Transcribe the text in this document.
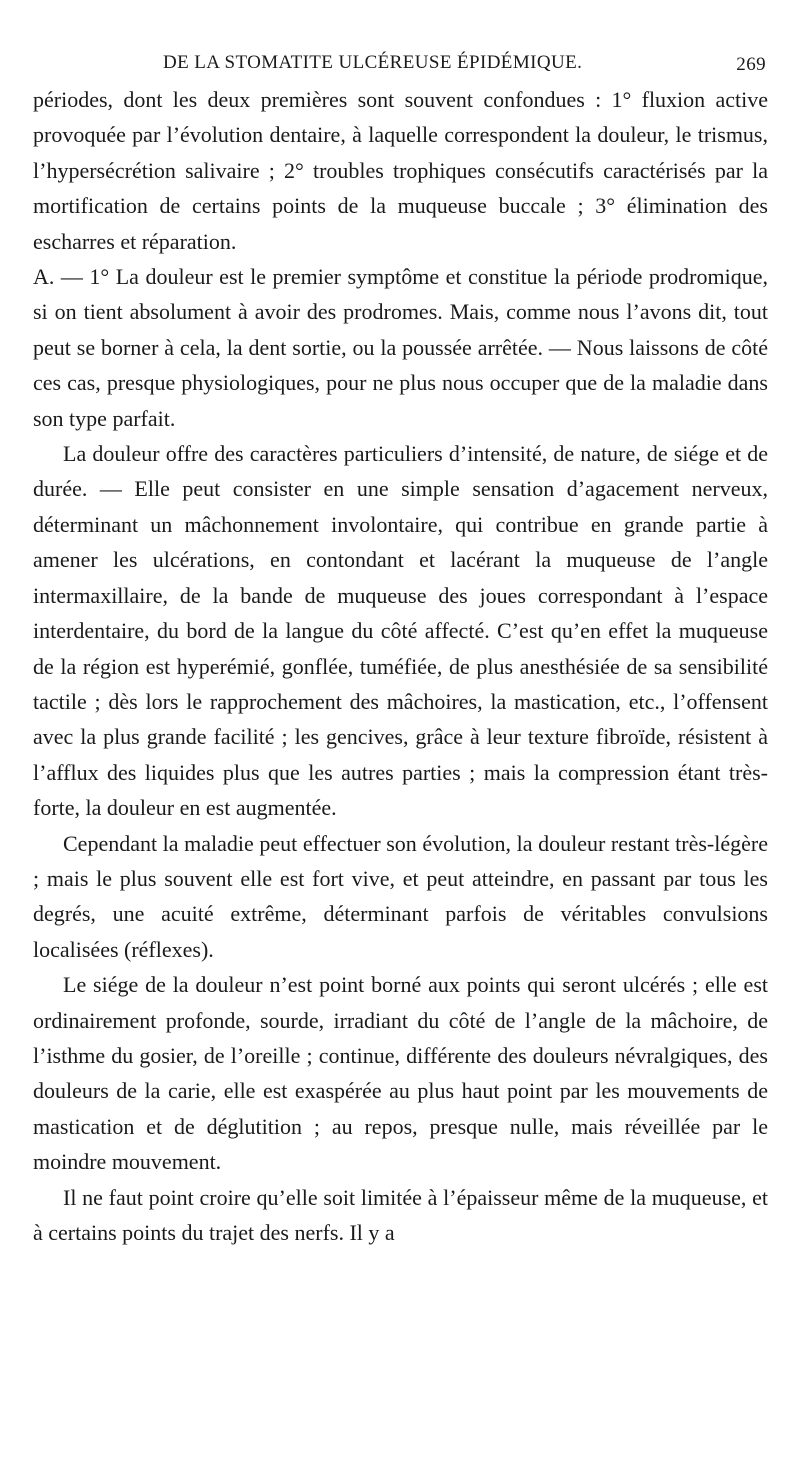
DE LA STOMATITE ULCÉREUSE ÉPIDÉMIQUE.	269

périodes, dont les deux premières sont souvent confondues : 1° fluxion active provoquée par l’évolution dentaire, à laquelle correspondent la douleur, le trismus, l’hypersécrétion salivaire ; 2° troubles trophiques consécutifs caractérisés par la mortification de certains points de la muqueuse buccale ; 3° élimination des escharres et réparation.

A. — 1° La douleur est le premier symptôme et constitue la période prodromique, si on tient absolument à avoir des prodromes. Mais, comme nous l’avons dit, tout peut se borner à cela, la dent sortie, ou la poussée arrêtée. — Nous laissons de côté ces cas, presque physiologiques, pour ne plus nous occuper que de la maladie dans son type parfait.

La douleur offre des caractères particuliers d’intensité, de nature, de siége et de durée. — Elle peut consister en une simple sensation d’agacement nerveux, déterminant un mâchonnement involontaire, qui contribue en grande partie à amener les ulcérations, en contondant et lacérant la muqueuse de l’angle intermaxillaire, de la bande de muqueuse des joues correspondant à l’espace interdentaire, du bord de la langue du côté affecté. C’est qu’en effet la muqueuse de la région est hyperémié, gonflée, tuméfiée, de plus anesthésiée de sa sensibilité tactile ; dès lors le rapprochement des mâchoires, la mastication, etc., l’offensent avec la plus grande facilité ; les gencives, grâce à leur texture fibroïde, résistent à l’afflux des liquides plus que les autres parties ; mais la compression étant très-forte, la douleur en est augmentée.

Cependant la maladie peut effectuer son évolution, la douleur restant très-légère ; mais le plus souvent elle est fort vive, et peut atteindre, en passant par tous les degrés, une acuité extrême, déterminant parfois de véritables convulsions localisées (réflexes).

Le siége de la douleur n’est point borné aux points qui seront ulcérés ; elle est ordinairement profonde, sourde, irradiant du côté de l’angle de la mâchoire, de l’isthme du gosier, de l’oreille ; continue, différente des douleurs névralgiques, des douleurs de la carie, elle est exaspérée au plus haut point par les mouvements de mastication et de déglutition ; au repos, presque nulle, mais réveillée par le moindre mouvement.

Il ne faut point croire qu’elle soit limitée à l’épaisseur même de la muqueuse, et à certains points du trajet des nerfs. Il y a
